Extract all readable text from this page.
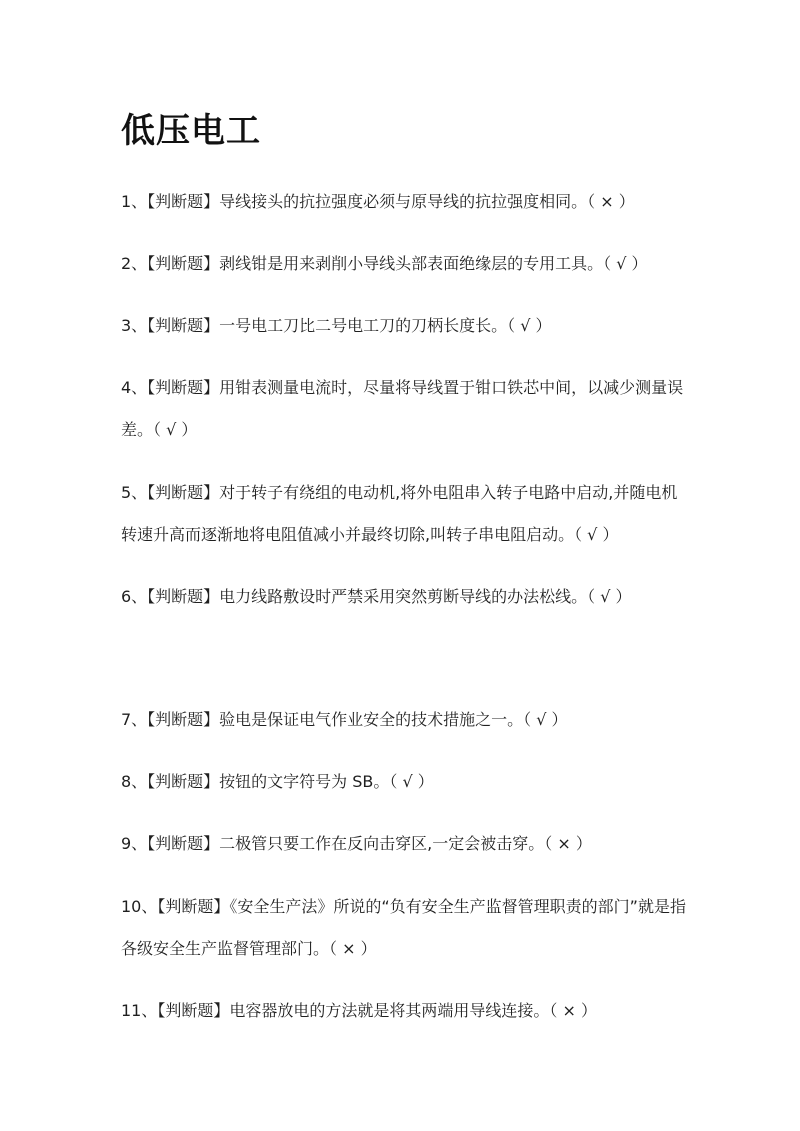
低压电工

1、【判断题】导线接头的抗拉强度必须与原导线的抗拉强度相同。（ × ）

2、【判断题】剥线钳是用来剥削小导线头部表面绝缘层的专用工具。（ √ ）

3、【判断题】一号电工刀比二号电工刀的刀柄长度长。（ √ ）

4、【判断题】用钳表测量电流时，尽量将导线置于钳口铁芯中间，以减少测量误差。（ √ ）

5、【判断题】对于转子有绕组的电动机,将外电阻串入转子电路中启动,并随电机转速升高而逐渐地将电阻值减小并最终切除,叫转子串电阻启动。（ √ ）

6、【判断题】电力线路敷设时严禁采用突然剪断导线的办法松线。（ √ ）

7、【判断题】验电是保证电气作业安全的技术措施之一。（ √ ）

8、【判断题】按钮的文字符号为 SB。（ √ ）

9、【判断题】二极管只要工作在反向击穿区,一定会被击穿。（ × ）

10、【判断题】《安全生产法》所说的“负有安全生产监督管理职责的部门”就是指各级安全生产监督管理部门。（ × ）

11、【判断题】电容器放电的方法就是将其两端用导线连接。（ × ）
